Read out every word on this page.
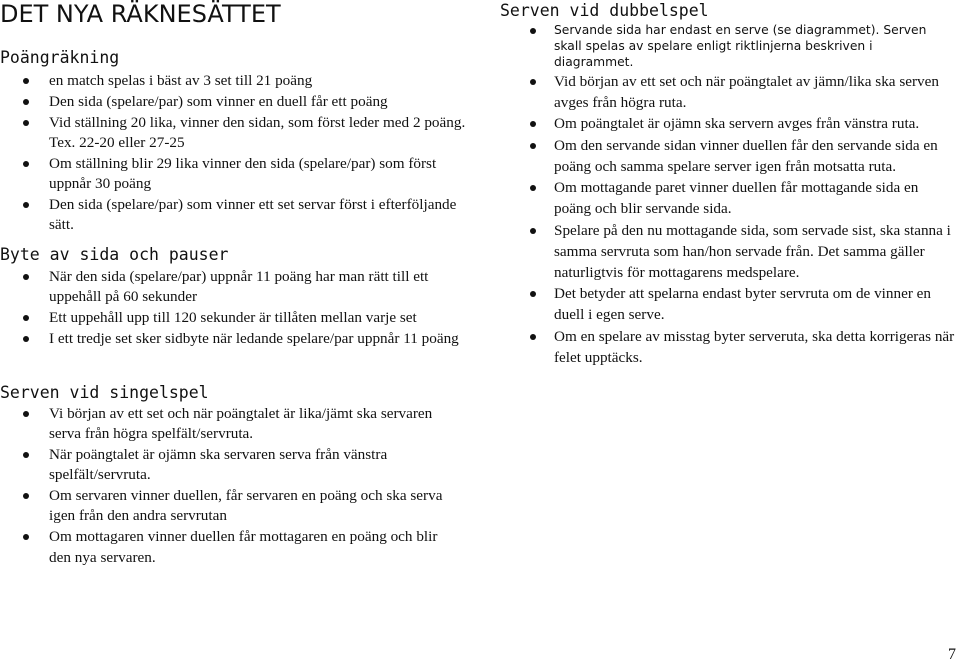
DET NYA RÄKNESÄTTET
Poängräkning
en match spelas i bäst av 3 set till 21 poäng
Den sida (spelare/par) som vinner en duell får ett poäng
Vid ställning 20 lika, vinner den sidan, som först leder med 2 poäng. Tex. 22-20 eller 27-25
Om ställning blir 29 lika vinner den sida (spelare/par) som först uppnår 30 poäng
Den sida (spelare/par) som vinner ett set servar först i efterföljande sätt.
Byte av sida och pauser
När den sida (spelare/par) uppnår 11 poäng har man rätt till ett uppehåll på 60 sekunder
Ett uppehåll upp till 120 sekunder är tillåten mellan varje set
I ett tredje set sker sidbyte när ledande spelare/par uppnår 11 poäng
Serven vid singelspel
Vi början av ett set och när poängtalet är lika/jämt ska servaren serva från högra spelfält/servruta.
När poängtalet är ojämn ska servaren serva från vänstra spelfält/servruta.
Om servaren vinner duellen, får servaren en poäng och ska serva igen från den andra servrutan
Om mottagaren vinner duellen får mottagaren en poäng och blir den nya servaren.
Serven vid dubbelspel
Servande sida har endast en serve (se diagrammet). Serven skall spelas av spelare enligt riktlinjerna beskriven i diagrammet.
Vid början av ett set och när poängtalet av jämn/lika ska serven avges från högra ruta.
Om poängtalet är ojämn ska servern avges från vänstra ruta.
Om den servande sidan vinner duellen får den servande sida en poäng och samma spelare server igen från motsatta ruta.
Om mottagande paret vinner duellen får mottagande sida en poäng och blir servande sida.
Spelare på den nu mottagande sida, som servade sist, ska stanna i samma servruta som han/hon servade från. Det samma gäller naturligtvis för mottagarens medspelare.
Det betyder att spelarna endast byter servruta om de vinner en duell i egen serve.
Om en spelare av misstag byter serveruta, ska detta korrigeras när felet upptäcks.
7
